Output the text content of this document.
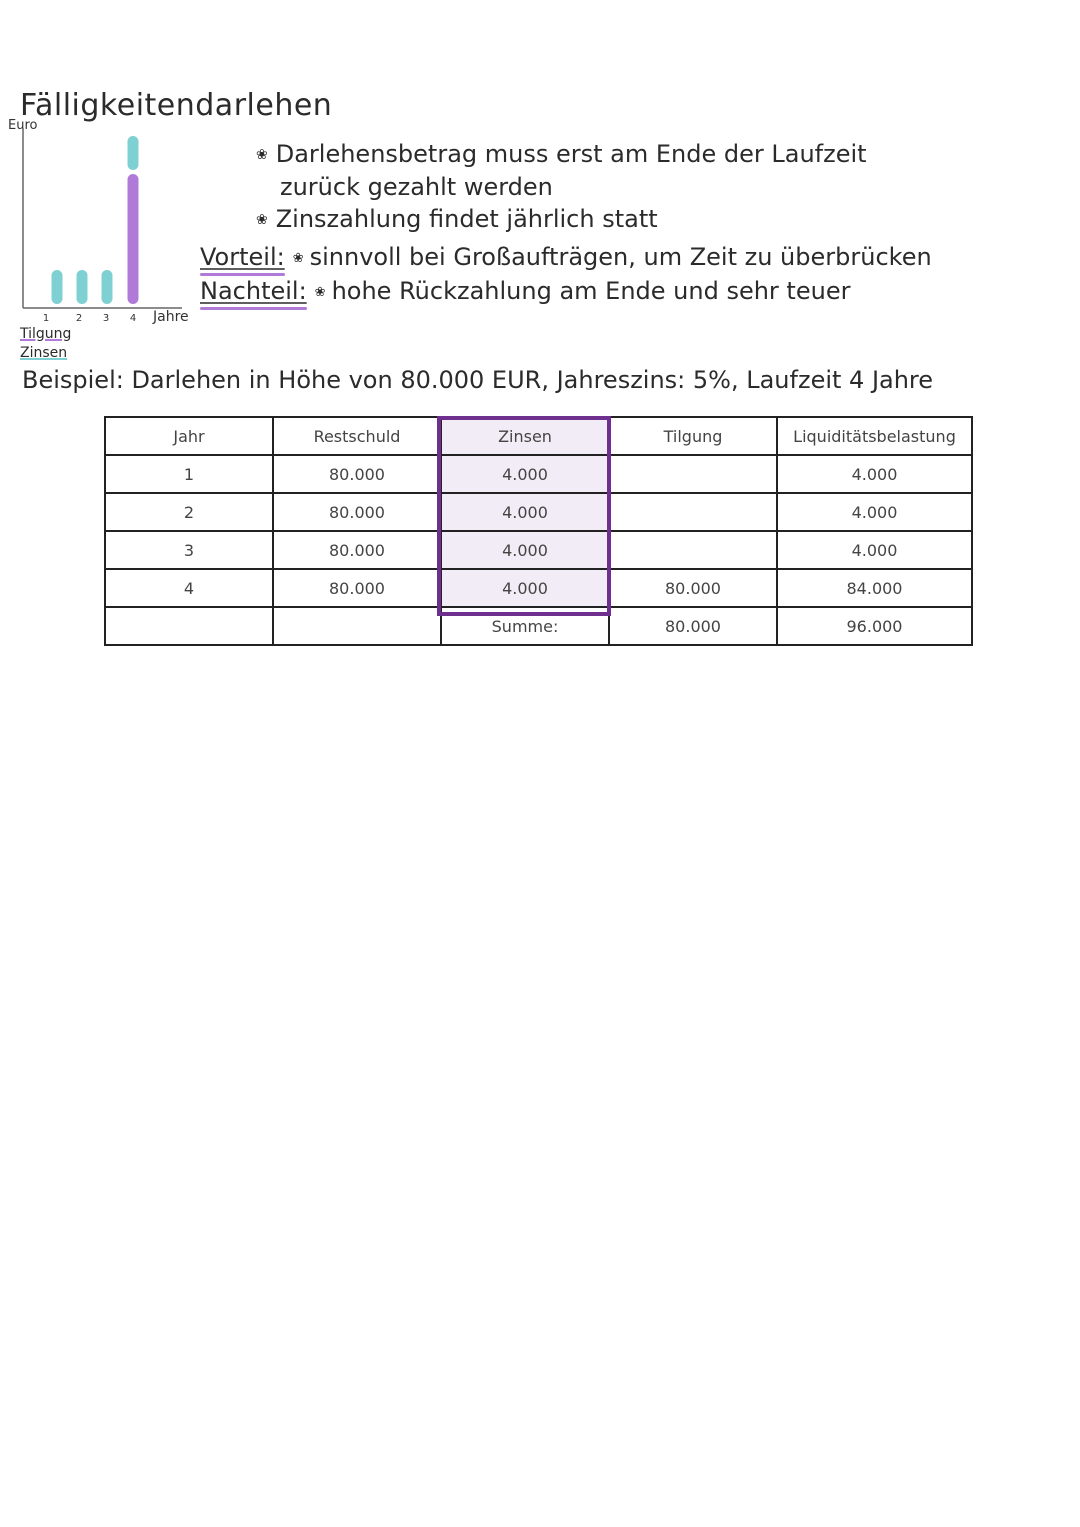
Fälligkeitendarlehen
Euro
1	2 3 4 Jahre
❀ Darlehensbetrag muss erst am Ende der Laufzeit
zurück gezahlt werden
❀ Zinszahlung findet jährlich statt
Vorteil: ❀ sinnvoll bei Großaufträgen, um Zeit zu überbrücken
Nachteil: ❀ hohe Rückzahlung am Ende und sehr teuer
Tilgung
Zinsen
Beispiel: Darlehen in Höhe von 80.000 EUR, Jahreszins: 5%, Laufzeit 4 Jahre
Jahr	Restschuld	Zinsen	Tilgung	Liquiditätsbelastung
1	80.000	4.000		4.000
2	80.000	4.000		4.000
3	80.000	4.000		4.000
4	80.000	4.000	80.000	84.000
		Summe:	80.000	96.000
